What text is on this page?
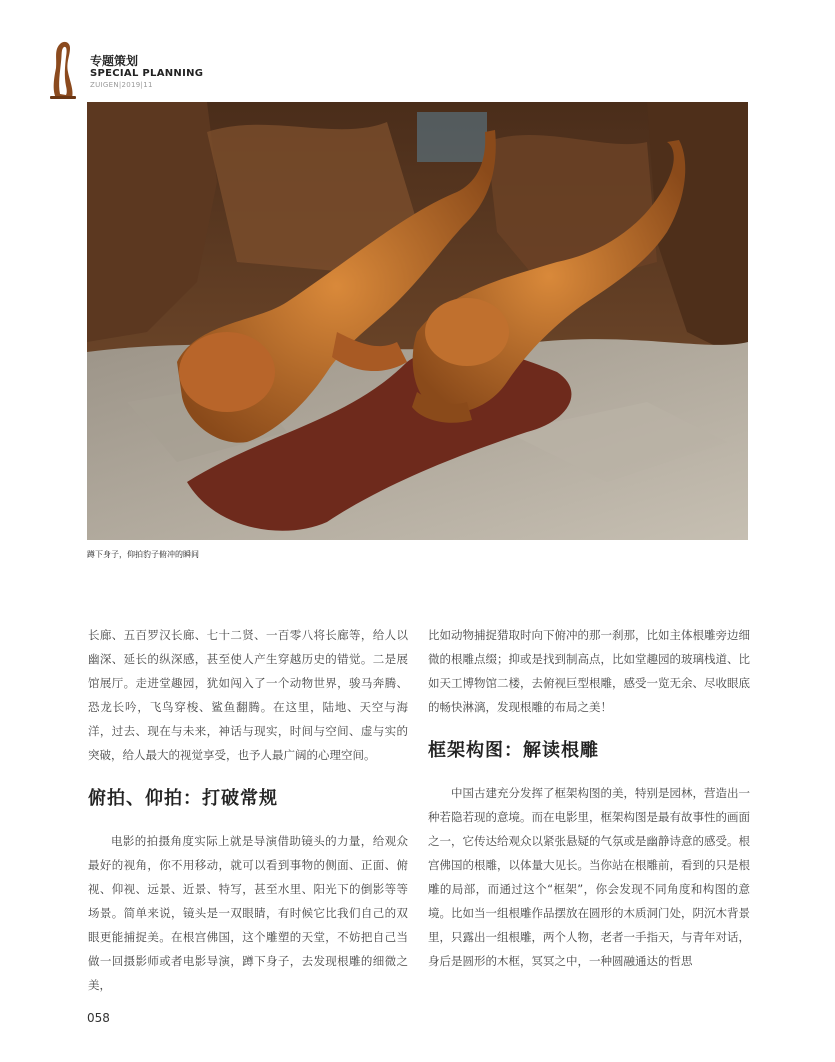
专题策划
SPECIAL PLANNING
ZUIGEN|2019|11
蹲下身子，仰拍豹子俯冲的瞬间

长廊、五百罗汉长廊、七十二贤、一百零八将长廊等，给人以幽深、延长的纵深感，甚至使人产生穿越历史的错觉。二是展馆展厅。走进堂趣园，犹如闯入了一个动物世界，骏马奔腾、恐龙长吟，飞鸟穿梭、鲨鱼翻腾。在这里，陆地、天空与海洋，过去、现在与未来，神话与现实，时间与空间、虚与实的突破，给人最大的视觉享受，也予人最广阔的心理空间。

俯拍、仰拍：打破常规

电影的拍摄角度实际上就是导演借助镜头的力量，给观众最好的视角，你不用移动，就可以看到事物的侧面、正面、俯视、仰视、远景、近景、特写，甚至水里、阳光下的倒影等等场景。简单来说，镜头是一双眼睛，有时候它比我们自己的双眼更能捕捉美。在根宫佛国，这个雕塑的天堂，不妨把自己当做一回摄影师或者电影导演，蹲下身子，去发现根雕的细微之美，

比如动物捕捉猎取时向下俯冲的那一刹那，比如主体根雕旁边细微的根雕点缀；抑或是找到制高点，比如堂趣园的玻璃栈道、比如天工博物馆二楼，去俯视巨型根雕，感受一览无余、尽收眼底的畅快淋漓，发现根雕的布局之美！

框架构图：解读根雕

中国古建充分发挥了框架构图的美，特别是园林，营造出一种若隐若现的意境。而在电影里，框架构图是最有故事性的画面之一，它传达给观众以紧张悬疑的气氛或是幽静诗意的感受。根宫佛国的根雕，以体量大见长。当你站在根雕前，看到的只是根雕的局部，而通过这个“框架”，你会发现不同角度和构图的意境。比如当一组根雕作品摆放在圆形的木质洞门处，阴沉木背景里，只露出一组根雕，两个人物，老者一手指天，与青年对话，身后是圆形的木框，冥冥之中，一种圆融通达的哲思

058
